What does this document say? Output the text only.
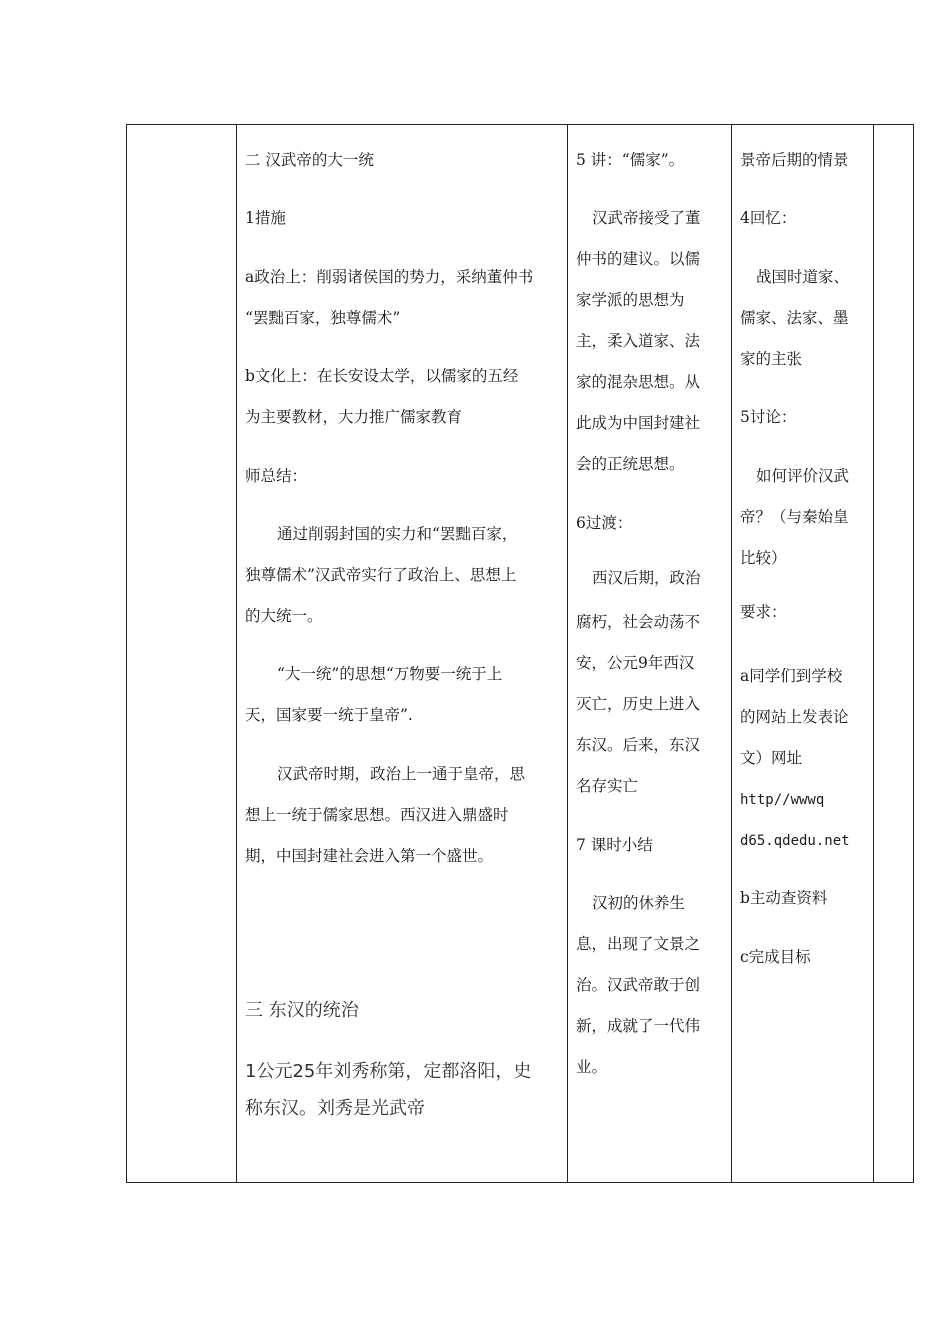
二 汉武帝的大一统
1措施
a政治上：削弱诸侯国的势力，采纳董仲书
“罢黜百家，独尊儒术”
b文化上：在长安设太学，以儒家的五经
为主要教材，大力推广儒家教育
师总结：
通过削弱封国的实力和“罢黜百家，
独尊儒术”汉武帝实行了政治上、思想上
的大统一。
“大一统”的思想“万物要一统于上
天，国家要一统于皇帝”.
汉武帝时期，政治上一通于皇帝，思
想上一统于儒家思想。西汉进入鼎盛时
期，中国封建社会进入第一个盛世。
三 东汉的统治
1公元25年刘秀称第，定都洛阳，史
称东汉。刘秀是光武帝
5 讲：“儒家”。
汉武帝接受了董
仲书的建议。以儒
家学派的思想为
主，柔入道家、法
家的混杂思想。从
此成为中国封建社
会的正统思想。
6过渡：
西汉后期，政治
腐朽，社会动荡不
安，公元9年西汉
灭亡，历史上进入
东汉。后来，东汉
名存实亡
7 课时小结
汉初的休养生
息，出现了文景之
治。汉武帝敢于创
新，成就了一代伟
业。
景帝后期的情景
4回忆：
战国时道家、
儒家、法家、墨
家的主张
5讨论：
如何评价汉武
帝？（与秦始皇
比较）
要求：
a同学们到学校
的网站上发表论
文）网址
http//wwwq
d65.qdedu.net
b主动查资料
c完成目标
